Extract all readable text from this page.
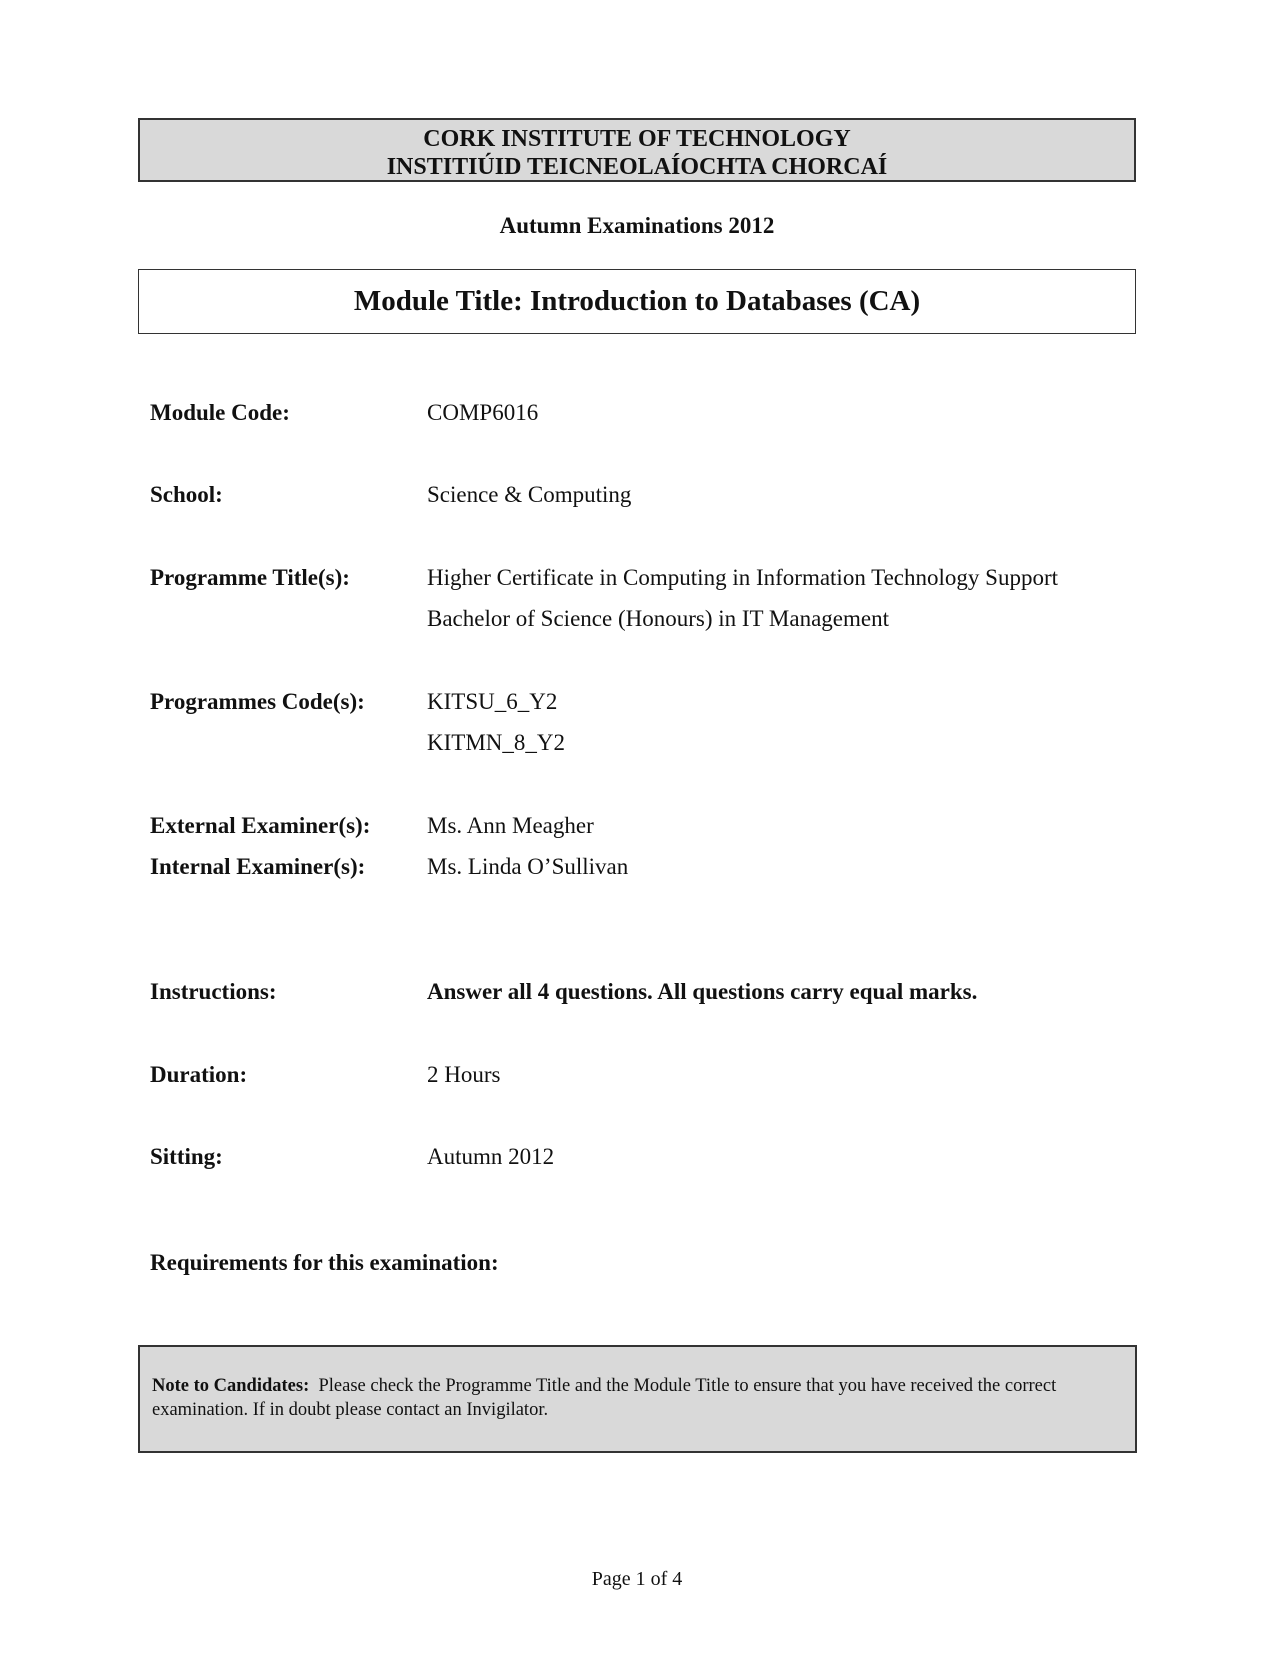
CORK INSTITUTE OF TECHNOLOGY
INSTITIÚID TEICNEOLAÍOCHTA CHORCAÍ
Autumn Examinations 2012
Module Title: Introduction to Databases (CA)
Module Code:	COMP6016
School:	Science & Computing
Programme Title(s):	Higher Certificate in Computing in Information Technology Support
Bachelor of Science (Honours) in IT Management
Programmes Code(s):	KITSU_6_Y2
KITMN_8_Y2
External Examiner(s): Ms. Ann Meagher
Internal Examiner(s):	Ms. Linda O’Sullivan
Instructions:	Answer all 4 questions. All questions carry equal marks.
Duration:	2 Hours
Sitting:	Autumn 2012
Requirements for this examination:
Note to Candidates: Please check the Programme Title and the Module Title to ensure that you have received the correct examination. If in doubt please contact an Invigilator.
Page 1 of 4
